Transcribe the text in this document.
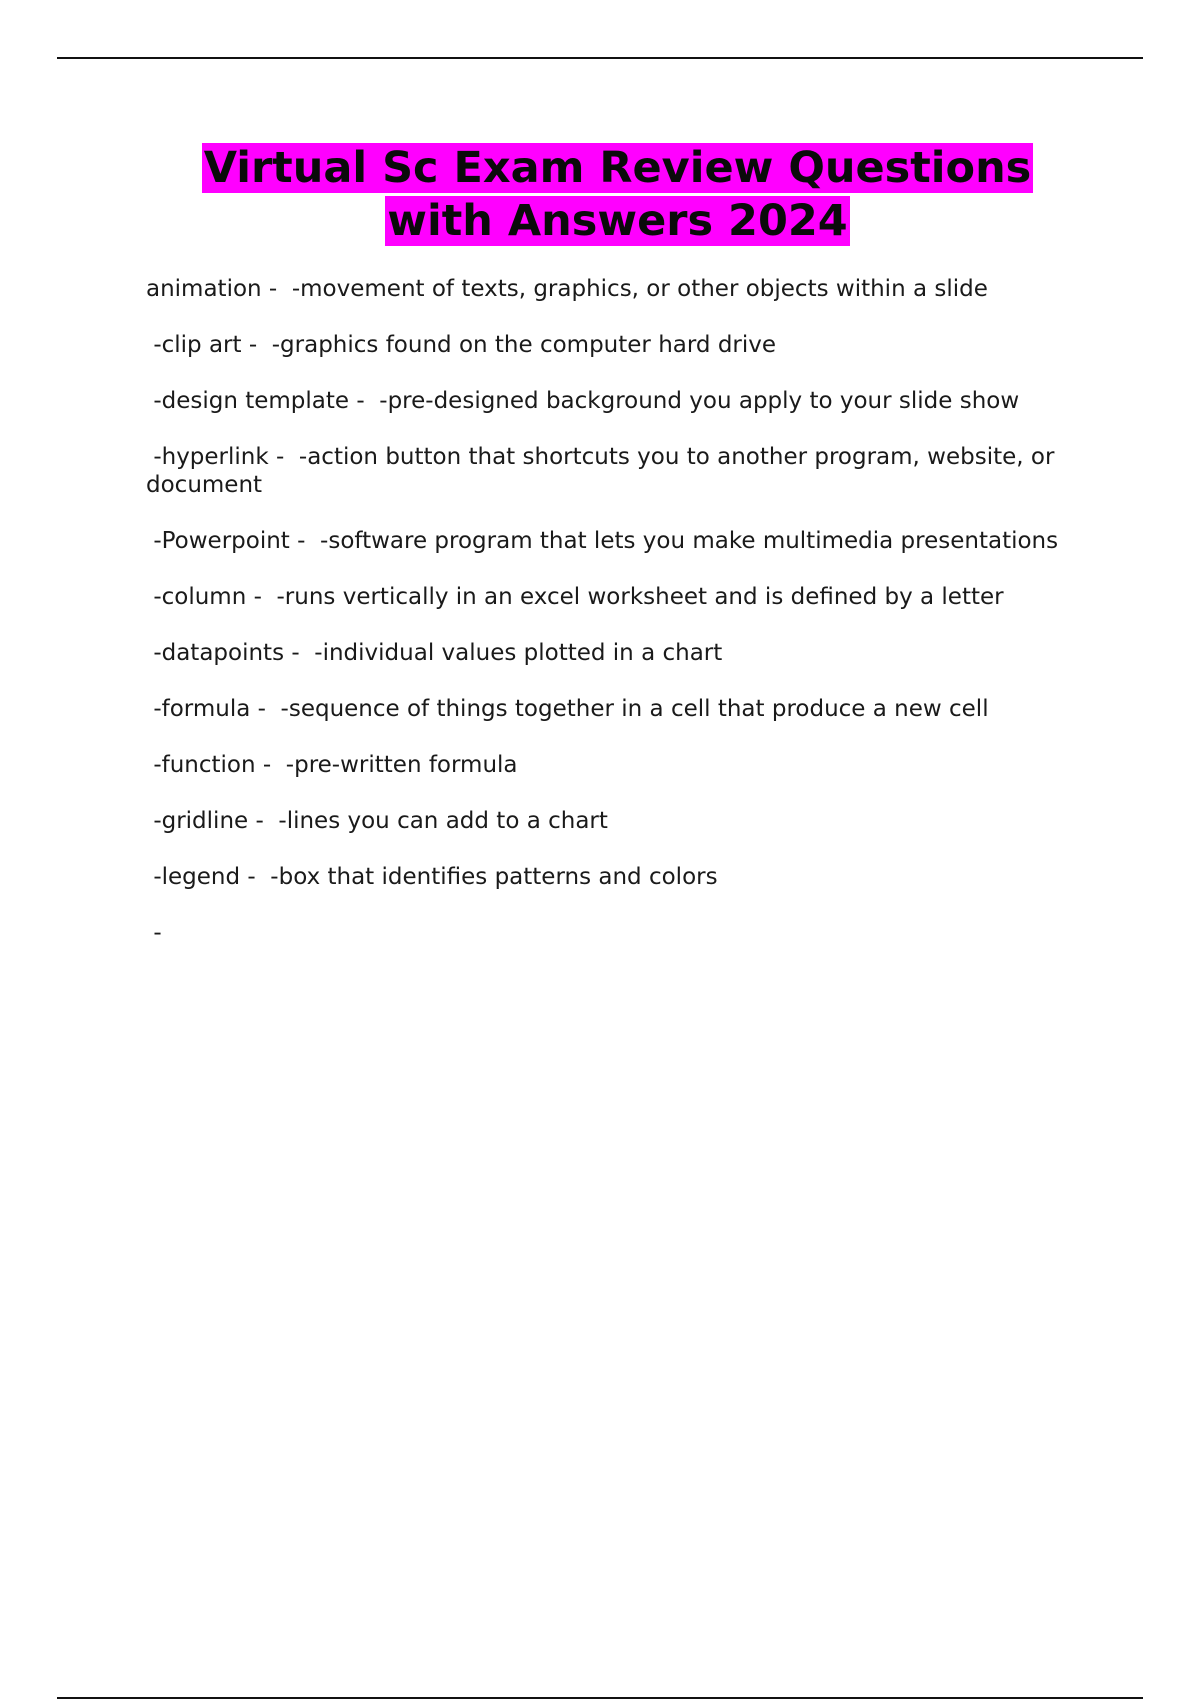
Virtual Sc Exam Review Questions
with Answers 2024

animation -  -movement of texts, graphics, or other objects within a slide

-clip art -  -graphics found on the computer hard drive

-design template -  -pre-designed background you apply to your slide show

-hyperlink -  -action button that shortcuts you to another program, website, or document

-Powerpoint -  -software program that lets you make multimedia presentations

-column -  -runs vertically in an excel worksheet and is defined by a letter

-datapoints -  -individual values plotted in a chart

-formula -  -sequence of things together in a cell that produce a new cell

-function -  -pre-written formula

-gridline -  -lines you can add to a chart

-legend -  -box that identifies patterns and colors

-
